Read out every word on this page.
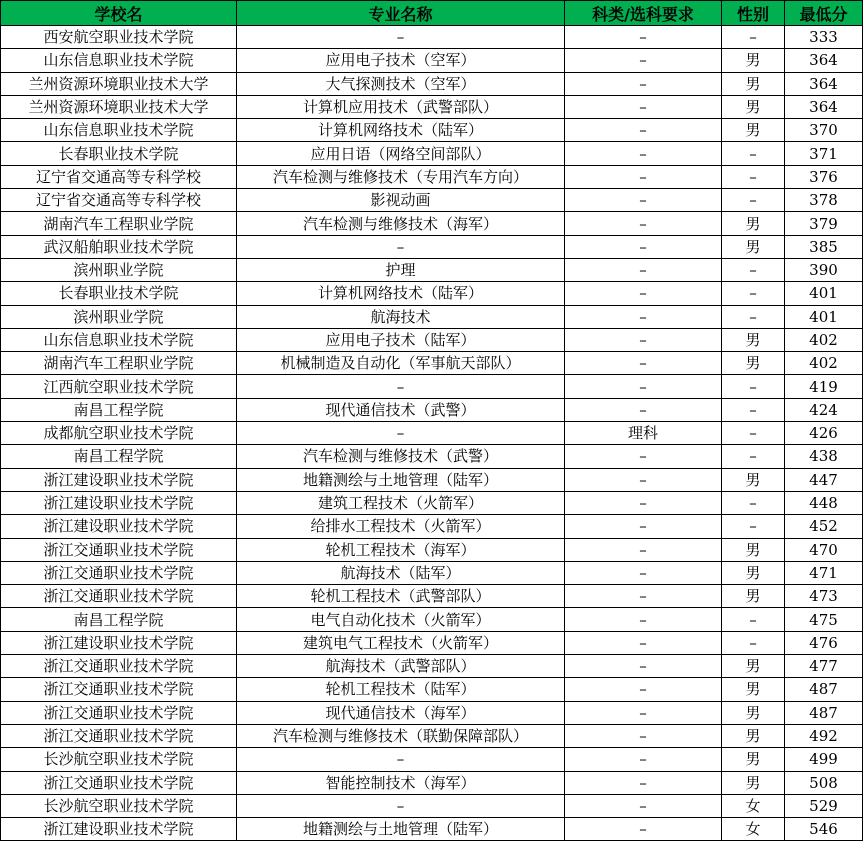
学校名	专业名称	科类/选科要求	性别	最低分
西安航空职业技术学院	–	–	–	333
山东信息职业技术学院	应用电子技术（空军）	–	男	364
兰州资源环境职业技术大学	大气探测技术（空军）	–	男	364
兰州资源环境职业技术大学	计算机应用技术（武警部队）	–	男	364
山东信息职业技术学院	计算机网络技术（陆军）	–	男	370
长春职业技术学院	应用日语（网络空间部队）	–	–	371
辽宁省交通高等专科学校	汽车检测与维修技术（专用汽车方向）	–	–	376
辽宁省交通高等专科学校	影视动画	–	–	378
湖南汽车工程职业学院	汽车检测与维修技术（海军）	–	男	379
武汉船舶职业技术学院	–	–	男	385
滨州职业学院	护理	–	–	390
长春职业技术学院	计算机网络技术（陆军）	–	–	401
滨州职业学院	航海技术	–	–	401
山东信息职业技术学院	应用电子技术（陆军）	–	男	402
湖南汽车工程职业学院	机械制造及自动化（军事航天部队）	–	男	402
江西航空职业技术学院	–	–	–	419
南昌工程学院	现代通信技术（武警）	–	–	424
成都航空职业技术学院	–	理科	–	426
南昌工程学院	汽车检测与维修技术（武警）	–	–	438
浙江建设职业技术学院	地籍测绘与土地管理（陆军）	–	男	447
浙江建设职业技术学院	建筑工程技术（火箭军）	–	–	448
浙江建设职业技术学院	给排水工程技术（火箭军）	–	–	452
浙江交通职业技术学院	轮机工程技术（海军）	–	男	470
浙江交通职业技术学院	航海技术（陆军）	–	男	471
浙江交通职业技术学院	轮机工程技术（武警部队）	–	男	473
南昌工程学院	电气自动化技术（火箭军）	–	–	475
浙江建设职业技术学院	建筑电气工程技术（火箭军）	–	–	476
浙江交通职业技术学院	航海技术（武警部队）	–	男	477
浙江交通职业技术学院	轮机工程技术（陆军）	–	男	487
浙江交通职业技术学院	现代通信技术（海军）	–	男	487
浙江交通职业技术学院	汽车检测与维修技术（联勤保障部队）	–	男	492
长沙航空职业技术学院	–	–	男	499
浙江交通职业技术学院	智能控制技术（海军）	–	男	508
长沙航空职业技术学院	–	–	女	529
浙江建设职业技术学院	地籍测绘与土地管理（陆军）	–	女	546
